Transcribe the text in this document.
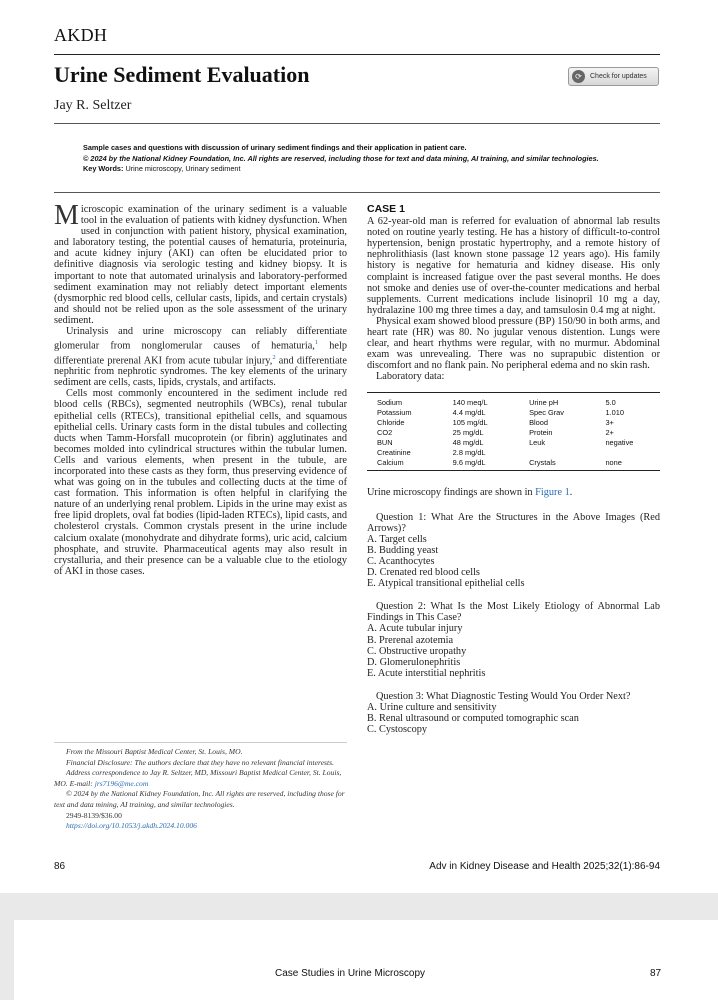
AKDH
Urine Sediment Evaluation	⟳	Check for updates
Jay R. Seltzer
Sample cases and questions with discussion of urinary sediment findings and their application in patient care.
© 2024 by the National Kidney Foundation, Inc. All rights are reserved, including those for text and data mining, AI training, and similar technologies.
Key Words: Urine microscopy, Urinary sediment

Microscopic examination of the urinary sediment is a valuable tool in the evaluation of patients with kidney dysfunction. When used in conjunction with patient history, physical examination, and laboratory testing, the potential causes of hematuria, proteinuria, and acute kidney injury (AKI) can often be elucidated prior to definitive diagnosis via serologic testing and kidney biopsy. It is important to note that automated urinalysis and laboratory-performed sediment examination may not reliably detect important elements (dysmorphic red blood cells, cellular casts, lipids, and certain crystals) and should not be relied upon as the sole assessment of the urinary sediment.

Urinalysis and urine microscopy can reliably differentiate glomerular from nonglomerular causes of hematuria,$^1$ help differentiate prerenal AKI from acute tubular injury,$^2$ and differentiate nephritic from nephrotic syndromes. The key elements of the urinary sediment are cells, casts, lipids, crystals, and artifacts.

Cells most commonly encountered in the sediment include red blood cells (RBCs), segmented neutrophils (WBCs), renal tubular epithelial cells (RTECs), transitional epithelial cells, and squamous epithelial cells. Urinary casts form in the distal tubules and collecting ducts when Tamm-Horsfall mucoprotein (or fibrin) agglutinates and becomes molded into cylindrical structures within the tubular lumen. Cells and various elements, when present in the tubule, are incorporated into these casts as they form, thus preserving evidence of what was going on in the tubules and collecting ducts at the time of cast formation. This information is often helpful in clarifying the nature of an underlying renal problem. Lipids in the urine may exist as free lipid droplets, oval fat bodies (lipid-laden RTECs), lipid casts, and cholesterol crystals. Common crystals present in the urine include calcium oxalate (monohydrate and dihydrate forms), uric acid, calcium phosphate, and struvite. Pharmaceutical agents may also result in crystalluria, and their presence can be a valuable clue to the etiology of AKI in those cases.

From the Missouri Baptist Medical Center, St. Louis, MO.

Financial Disclosure: The authors declare that they have no relevant financial interests.

Address correspondence to Jay R. Seltzer, MD, Missouri Baptist Medical Center, St. Louis, MO. E-mail: jrs7196@me.com

© 2024 by the National Kidney Foundation, Inc. All rights are reserved, including those for text and data mining, AI training, and similar technologies.

2949-8139/$36.00

https://doi.org/10.1053/j.akdh.2024.10.006

CASE 1

A 62-year-old man is referred for evaluation of abnormal lab results noted on routine yearly testing. He has a history of difficult-to-control hypertension, benign prostatic hypertrophy, and a remote history of nephrolithiasis (last known stone passage 12 years ago). His family history is negative for hematuria and kidney disease. His only complaint is increased fatigue over the past several months. He does not smoke and denies use of over-the-counter medications and herbal supplements. Current medications include lisinopril 10 mg a day, hydralazine 100 mg three times a day, and tamsulosin 0.4 mg at night.

Physical exam showed blood pressure (BP) 150/90 in both arms, and heart rate (HR) was 80. No jugular venous distention. Lungs were clear, and heart rhythms were regular, with no murmur. Abdominal exam was unrevealing. There was no suprapubic distention or discomfort and no flank pain. No peripheral edema and no skin rash.

Laboratory data:

Sodium	140 meq/L	Urine pH	5.0
Potassium	4.4 mg/dL	Spec Grav	1.010
Chloride	105 mg/dL	Blood	3+
CO2	25 mg/dL	Protein	2+
BUN	48 mg/dL	Leuk	negative
Creatinine	2.8 mg/dL		
Calcium	9.6 mg/dL	Crystals	none

Urine microscopy findings are shown in Figure 1.

Question 1: What Are the Structures in the Above Images (Red Arrows)?

A. Target cells
B. Budding yeast
C. Acanthocytes
D. Crenated red blood cells
E. Atypical transitional epithelial cells

Question 2: What Is the Most Likely Etiology of Abnormal Lab Findings in This Case?

A. Acute tubular injury
B. Prerenal azotemia
C. Obstructive uropathy
D. Glomerulonephritis
E. Acute interstitial nephritis

Question 3: What Diagnostic Testing Would You Order Next?

A. Urine culture and sensitivity
B. Renal ultrasound or computed tomographic scan
C. Cystoscopy
86	Adv in Kidney Disease and Health 2025;32(1):86-94
Case Studies in Urine Microscopy	87
